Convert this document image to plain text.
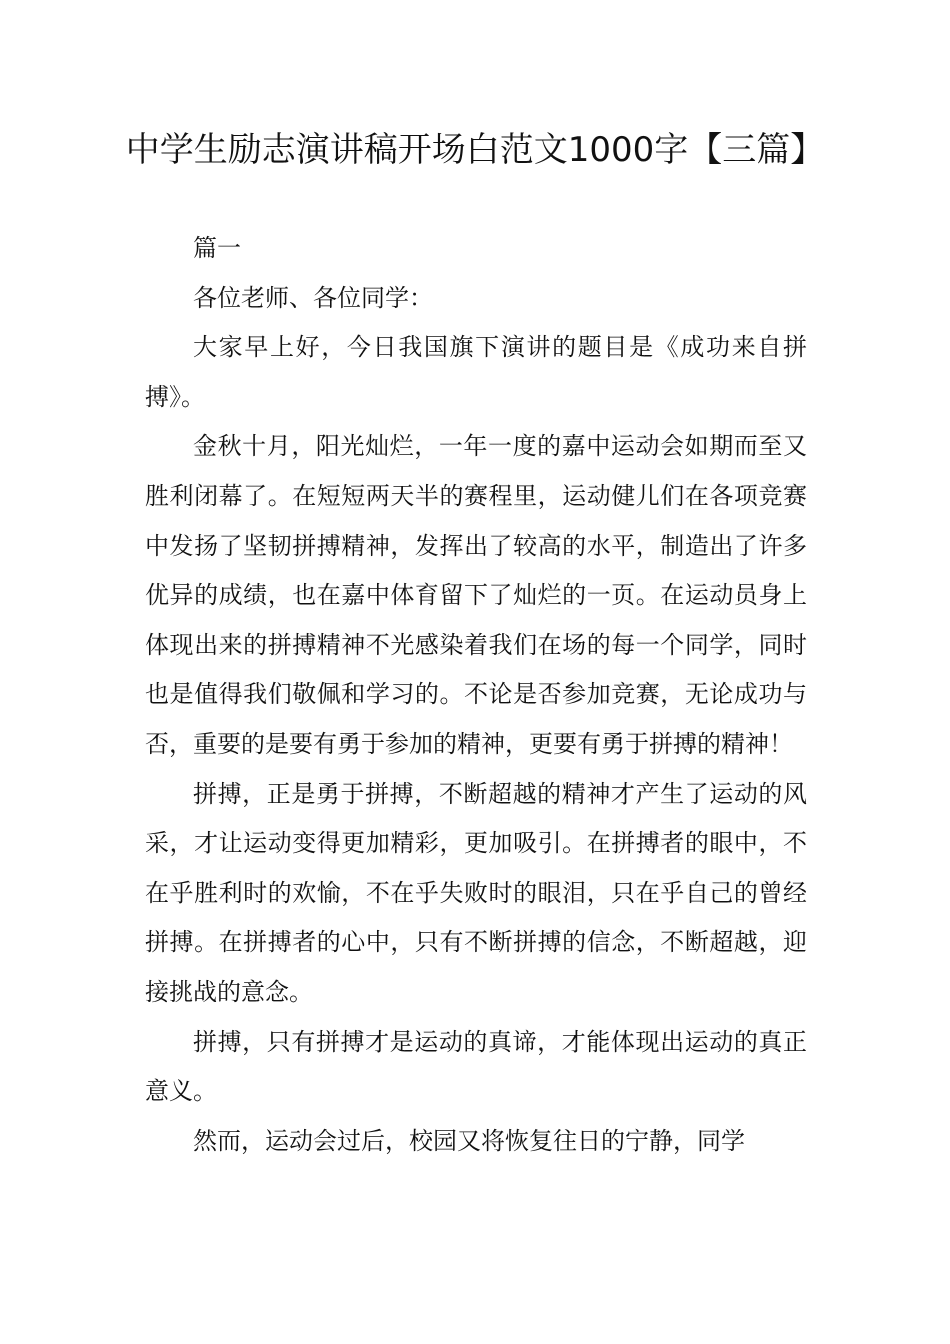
中学生励志演讲稿开场白范文1000字【三篇】

篇一

各位老师、各位同学：

大家早上好，今日我国旗下演讲的题目是《成功来自拼搏》。

金秋十月，阳光灿烂，一年一度的嘉中运动会如期而至又胜利闭幕了。在短短两天半的赛程里，运动健儿们在各项竞赛中发扬了坚韧拼搏精神，发挥出了较高的水平，制造出了许多优异的成绩，也在嘉中体育留下了灿烂的一页。在运动员身上体现出来的拼搏精神不光感染着我们在场的每一个同学，同时也是值得我们敬佩和学习的。不论是否参加竞赛，无论成功与否，重要的是要有勇于参加的精神，更要有勇于拼搏的精神！

拼搏，正是勇于拼搏，不断超越的精神才产生了运动的风采，才让运动变得更加精彩，更加吸引。在拼搏者的眼中，不在乎胜利时的欢愉，不在乎失败时的眼泪，只在乎自己的曾经拼搏。在拼搏者的心中，只有不断拼搏的信念，不断超越，迎接挑战的意念。

拼搏，只有拼搏才是运动的真谛，才能体现出运动的真正意义。

然而，运动会过后，校园又将恢复往日的宁静，同学
